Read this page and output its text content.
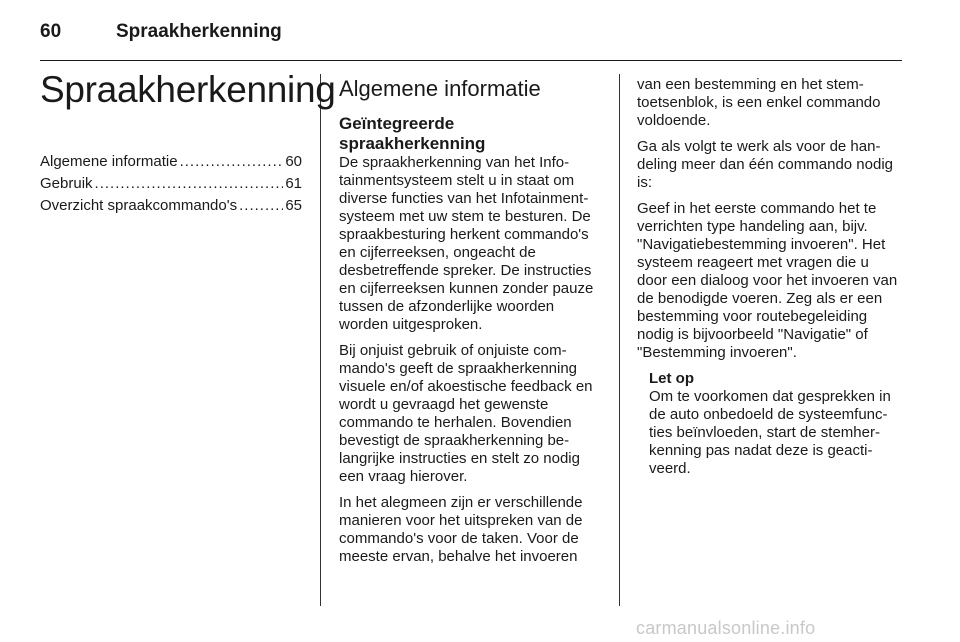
60	Spraakherkenning
Spraakherkenning
Algemene informatie .....	60
Gebruik .....	61
Overzicht spraakcommando's .....	65
Algemene informatie
Geïntegreerde
spraakherkenning

De spraakherkenning van het Infotainmentsysteem stelt u in staat om diverse functies van het Infotainmentsysteem met uw stem te besturen. De spraakbesturing herkent commando's en cijferreeksen, ongeacht de desbetreffende spreker. De instructies en cijferreeksen kunnen zonder pauze tussen de afzonderlijke woorden worden uitgesproken.

Bij onjuist gebruik of onjuiste commando's geeft de spraakherkenning visuele en/of akoestische feedback en wordt u gevraagd het gewenste commando te herhalen. Bovendien bevestigt de spraakherkenning belangrijke instructies en stelt zo nodig een vraag hierover.

In het alegmeen zijn er verschillende manieren voor het uitspreken van de commando's voor de taken. Voor de meeste ervan, behalve het invoeren

van een bestemming en het stemtoetsenblok, is een enkel commando voldoende.

Ga als volgt te werk als voor de handeling meer dan één commando nodig is:

Geef in het eerste commando het te verrichten type handeling aan, bijv. "Navigatiebestemming invoeren". Het systeem reageert met vragen die u door een dialoog voor het invoeren van de benodigde voeren. Zeg als er een bestemming voor routebegeleiding nodig is bijvoorbeeld "Navigatie" of "Bestemming invoeren".

Let op
Om te voorkomen dat gesprekken in de auto onbedoeld de systeemfuncties beïnvloeden, start de stemherkenning pas nadat deze is geactiveerd.
carmanualsonline.info
